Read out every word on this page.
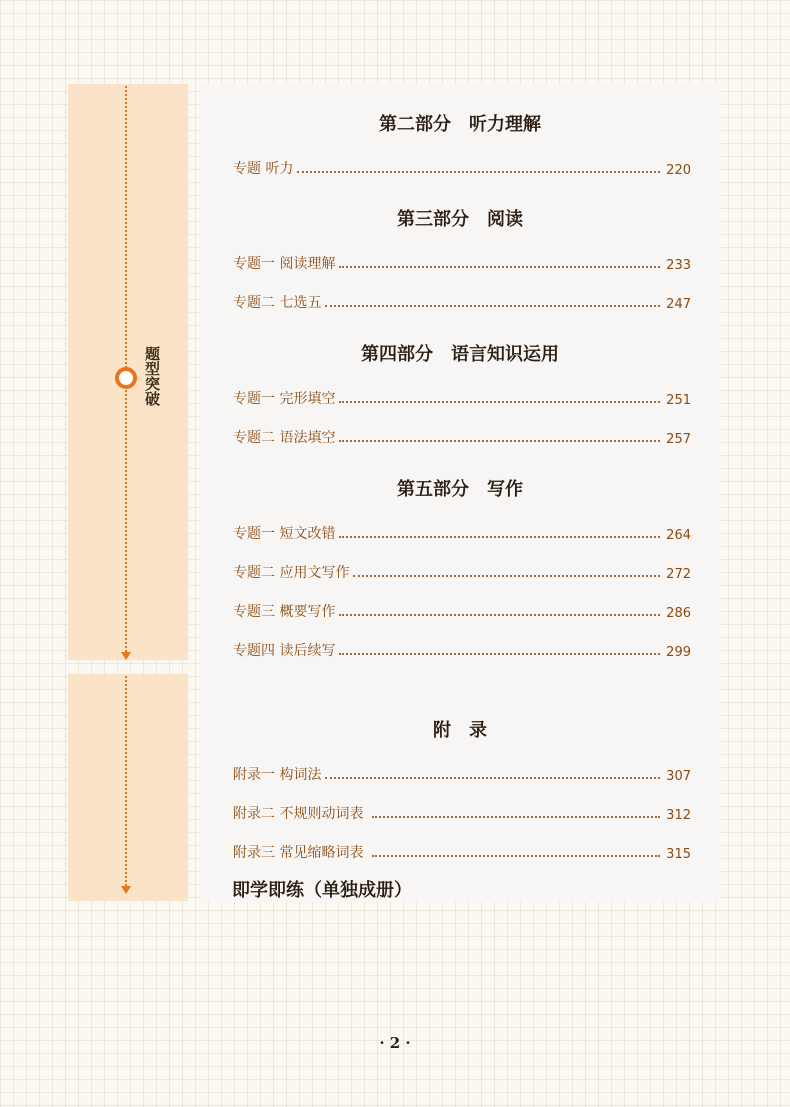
题型突破
第二部分　听力理解
专题 听力	220
第三部分　阅读
专题一 阅读理解	233
专题二 七选五	247
第四部分　语言知识运用
专题一 完形填空	251
专题二 语法填空	257
第五部分　写作
专题一 短文改错	264
专题二 应用文写作	272
专题三 概要写作	286
专题四 读后续写	299
附　录
附录一 构词法	307
附录二 不规则动词表	312
附录三 常见缩略词表	315
即学即练（单独成册）
· 2 ·
